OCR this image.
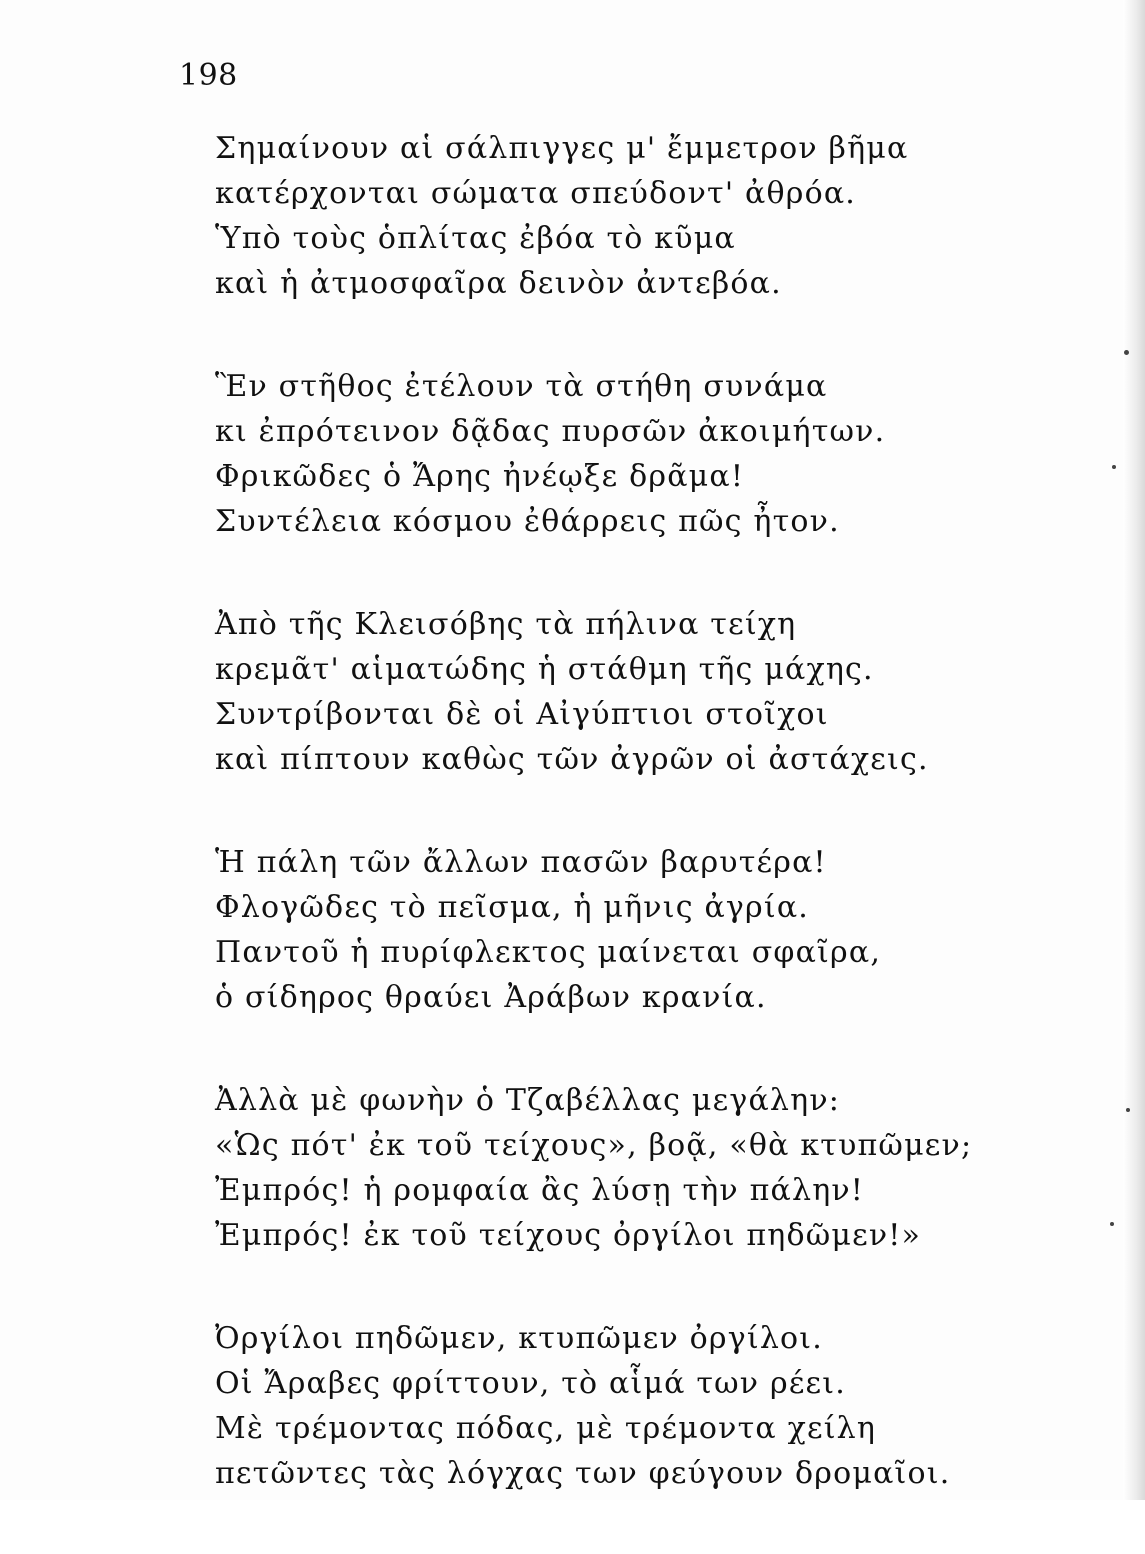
198
Σημαίνουν αἱ σάλπιγγες μ' ἔμμετρον βῆμα
κατέρχονται σώματα σπεύδοντ' ἀθρόα.
Ὑπὸ τοὺς ὁπλίτας ἐβόα τὸ κῦμα
καὶ ἡ ἀτμοσφαῖρα δεινὸν ἀντεβόα.
Ἓν στῆθος ἐτέλουν τὰ στήθη συνάμα
κι ἐπρότεινον δᾷδας πυρσῶν ἀκοιμήτων.
Φρικῶδες ὁ Ἄρης ἠνέῳξε δρᾶμα!
Συντέλεια κόσμου ἐθάρρεις πῶς ἦτον.
Ἀπὸ τῆς Κλεισόβης τὰ πήλινα τείχη
κρεμᾶτ' αἱματώδης ἡ στάθμη τῆς μάχης.
Συντρίβονται δὲ οἱ Αἰγύπτιοι στοῖχοι
καὶ πίπτουν καθὼς τῶν ἀγρῶν οἱ ἀστάχεις.
Ἡ πάλη τῶν ἄλλων πασῶν βαρυτέρα!
Φλογῶδες τὸ πεῖσμα, ἡ μῆνις ἀγρία.
Παντοῦ ἡ πυρίφλεκτος μαίνεται σφαῖρα,
ὁ σίδηρος θραύει Ἀράβων κρανία.
Ἀλλὰ μὲ φωνὴν ὁ Τζαβέλλας μεγάλην:
«Ὡς πότ' ἐκ τοῦ τείχους», βοᾷ, «θὰ κτυπῶμεν;
Ἐμπρός! ἡ ρομφαία ἂς λύσῃ τὴν πάλην!
Ἐμπρός! ἐκ τοῦ τείχους ὀργίλοι πηδῶμεν!»
Ὀργίλοι πηδῶμεν, κτυπῶμεν ὀργίλοι.
Οἱ Ἄραβες φρίττουν, τὸ αἷμά των ρέει.
Μὲ τρέμοντας πόδας, μὲ τρέμοντα χείλη
πετῶντες τὰς λόγχας των φεύγουν δρομαῖοι.
